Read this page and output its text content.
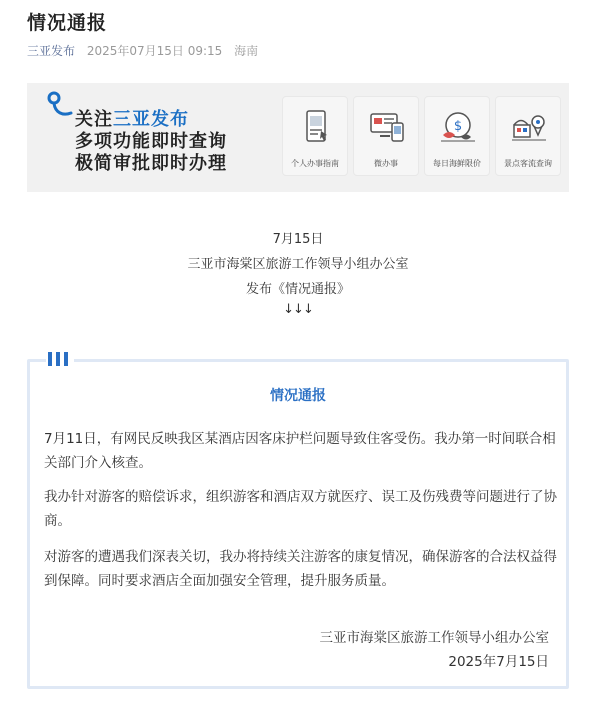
情况通报
三亚发布 2025年07月15日 09:15 海南
关注三亚发布
多项功能即时查询
极简审批即时办理	个人办事指南	微办事
$
每日海鲜限价	景点客流查询
7月15日
三亚市海棠区旅游工作领导小组办公室
发布《情况通报》
↓↓↓
情况通报

7月11日，有网民反映我区某酒店因客床护栏问题导致住客受伤。我办第一时间联合相关部门介入核查。

我办针对游客的赔偿诉求，组织游客和酒店双方就医疗、误工及伤残费等问题进行了协商。

对游客的遭遇我们深表关切，我办将持续关注游客的康复情况，确保游客的合法权益得到保障。同时要求酒店全面加强安全管理，提升服务质量。

三亚市海棠区旅游工作领导小组办公室
2025年7月15日
